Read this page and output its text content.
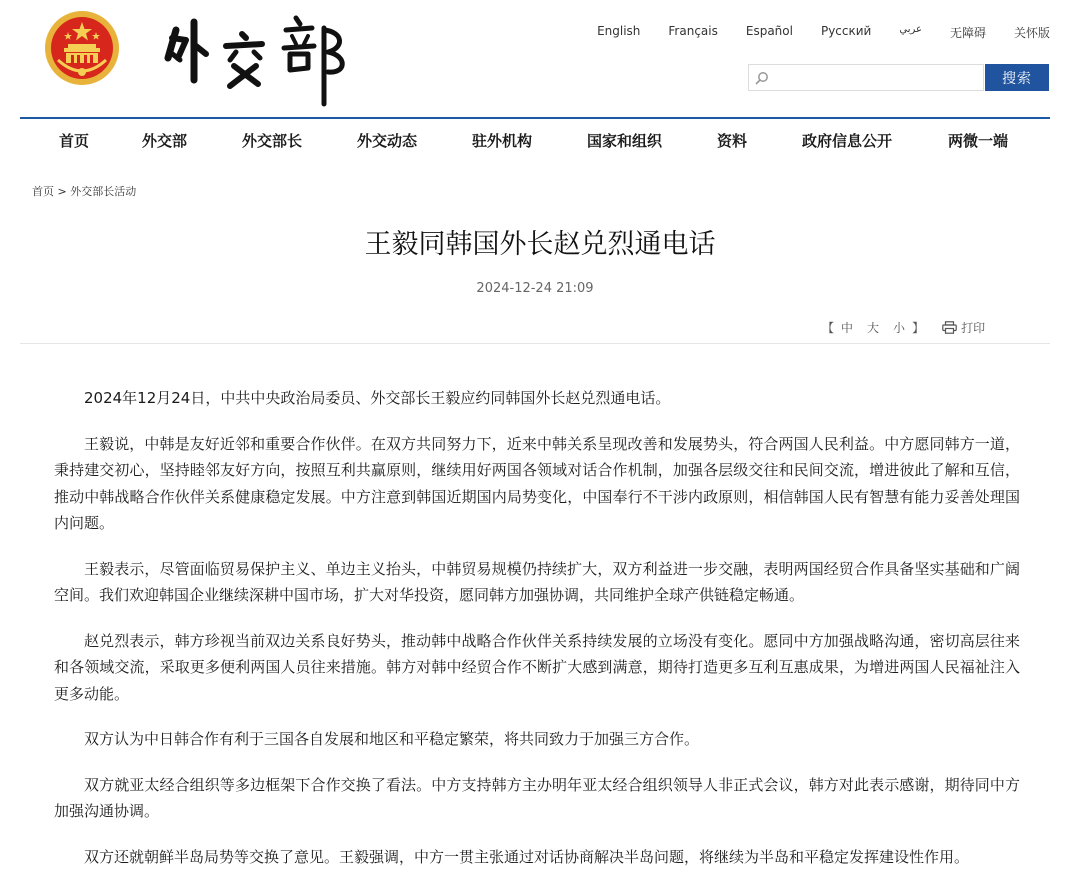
English Français Español Русский	عربي 无障碍 关怀版
搜索
首页	外交部	外交部长	外交动态	驻外机构	国家和组织	资料	政府信息公开	两微一端
首页 > 外交部长活动
王毅同韩国外长赵兑烈通电话
2024-12-24 21:09
【 中 大 小 】	打印

2024年12月24日，中共中央政治局委员、外交部长王毅应约同韩国外长赵兑烈通电话。

王毅说，中韩是友好近邻和重要合作伙伴。在双方共同努力下，近来中韩关系呈现改善和发展势头，符合两国人民利益。中方愿同韩方一道，秉持建交初心，坚持睦邻友好方向，按照互利共赢原则，继续用好两国各领域对话合作机制，加强各层级交往和民间交流，增进彼此了解和互信，推动中韩战略合作伙伴关系健康稳定发展。中方注意到韩国近期国内局势变化，中国奉行不干涉内政原则，相信韩国人民有智慧有能力妥善处理国内问题。

王毅表示，尽管面临贸易保护主义、单边主义抬头，中韩贸易规模仍持续扩大，双方利益进一步交融，表明两国经贸合作具备坚实基础和广阔空间。我们欢迎韩国企业继续深耕中国市场，扩大对华投资，愿同韩方加强协调，共同维护全球产供链稳定畅通。

赵兑烈表示，韩方珍视当前双边关系良好势头，推动韩中战略合作伙伴关系持续发展的立场没有变化。愿同中方加强战略沟通，密切高层往来和各领域交流，采取更多便利两国人员往来措施。韩方对韩中经贸合作不断扩大感到满意，期待打造更多互利互惠成果，为增进两国人民福祉注入更多动能。

双方认为中日韩合作有利于三国各自发展和地区和平稳定繁荣，将共同致力于加强三方合作。

双方就亚太经合组织等多边框架下合作交换了看法。中方支持韩方主办明年亚太经合组织领导人非正式会议，韩方对此表示感谢，期待同中方加强沟通协调。

双方还就朝鲜半岛局势等交换了意见。王毅强调，中方一贯主张通过对话协商解决半岛问题，将继续为半岛和平稳定发挥建设性作用。
